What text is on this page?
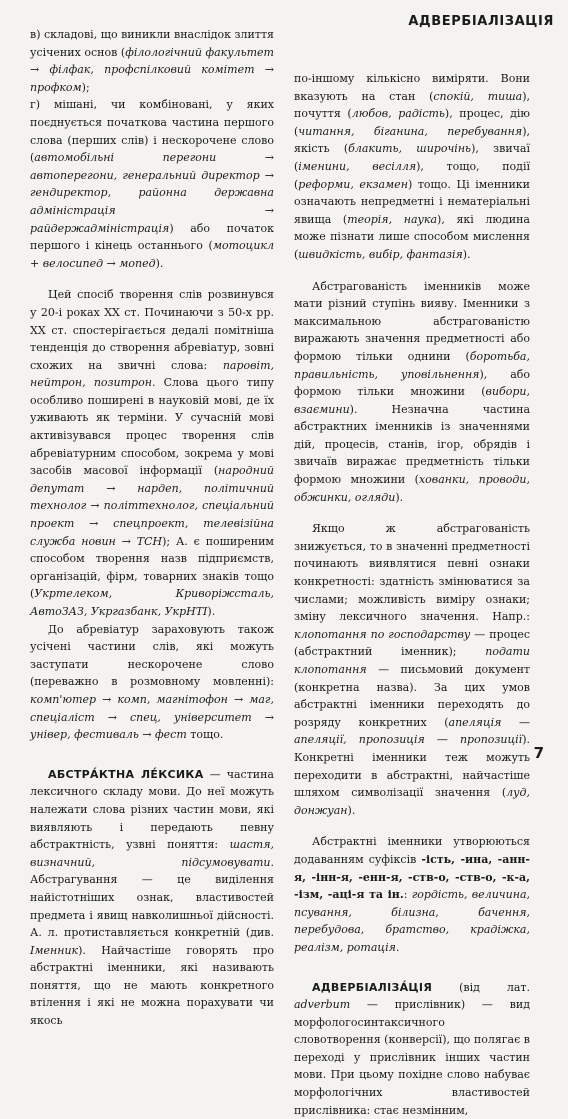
АДВЕРБІАЛІЗАЦІЯ

в) складові, що виникли внаслідок злиття усічених основ (філологічний факультет → філфак, профспілковий комітет → профком);

г) мішані, чи комбіновані, у яких поєднується початкова частина першого слова (перших слів) і нескорочене слово (автомобільні перегони → автоперегони, генеральний директор → гендиректор, районна державна адміністрація → райдержадміністрація) або початок першого і кінець останнього (мотоцикл + велосипед → мопед).

Цей спосіб творення слів розвинувся у 20-і роках XX ст. Починаючи з 50-х рр. XX ст. спостерігається дедалі помітніша тенденція до створення абревіатур, зовні схожих на звичні слова: паровіт, нейтрон, позитрон. Слова цього типу особливо поширені в науковій мові, де їх уживають як терміни. У сучасній мові активізувався процес творення слів абревіатурним способом, зокрема у мові засобів масової інформації (народний депутат → нардеп, політичний технолог → політтехнолог, спеціальний проект → спецпроект, телевізійна служба новин → ТСН); А. є поширеним способом творення назв підприємств, організацій, фірм, товарних знаків тощо (Укртелеком, Криворіжсталь, АвтоЗАЗ, Укргазбанк, УкрНТІ).

До абревіатур зараховують також усічені частини слів, які можуть заступати нескорочене слово (переважно в розмовному мовленні): комп'ютер → комп, магнітофон → маг, спеціаліст → спец, університет → універ, фестиваль → фест тощо.

АБСТРА́КТНА ЛЕ́КСИКА — частина лексичного складу мови. До неї можуть належати слова різних частин мови, які виявляють і передають певну абстрактність, узвні поняття: шастя, визначний, підсумовувати. Абстрагування — це виділення найістотніших ознак, властивостей предмета і явищ навколишньої дійсності. А. л. протиставляється конкретній (див. Іменник). Найчастіше говорять про абстрактні іменники, які називають поняття, що не мають конкретного втілення і які не можна порахувати чи якось

по-іншому кількісно виміряти. Вони вказують на стан (спокій, тиша), почуття (любов, радість), процес, дію (читання, біганина, перебування), якість (блакить, широчінь), звичаї (іменини, весілля), тощо, події (реформи, екзамен) тощо. Ці іменники означають непредметні і нематеріальні явища (теорія, наука), які людина може пізнати лише способом мислення (швидкість, вибір, фантазія).

Абстрагованість іменників може мати різний ступінь вияву. Іменники з максимальною абстрагованістю виражають значення предметності або формою тільки однини (боротьба, правильність, уповільнення), або формою тільки множини (вибори, взаємини). Незначна частина абстрактних іменників із значеннями дій, процесів, станів, ігор, обрядів і звичаїв виражає предметність тільки формою множини (хованки, проводи, обжинки, огляди).

Якщо ж абстрагованість знижується, то в значенні предметності починають виявлятися певні ознаки конкретності: здатність змінюватися за числами; можливість виміру ознаки; зміну лексичного значення. Напр.: клопотання по господарству — процес (абстрактний іменник); подати клопотання — письмовий документ (конкретна назва). За цих умов абстрактні іменники переходять до розряду конкретних (апеляція — апеляції, пропозиція — пропозиції). Конкретні іменники теж можуть переходити в абстрактні, найчастіше шляхом символізації значення (луд, донжуан).

Абстрактні іменники утворюються додаванням суфіксів -ість, -ина, -анн-я, -інн-я, -енн-я, -ств-о, -ств-о, -к-а, -ізм, -аці-я та ін.: гордість, величина, псування, білизна, бачення, перебудова, братство, крадіжка, реалізм, ротація.

АДВЕРБІАЛІЗА́ЦІЯ (від лат. adverbum — прислівник) — вид морфологосинтаксичного словотворення (конверсії), що полягає в переході у прислівник інших частин мови. При цьому похідне слово набуває морфологічних властивостей прислівника: стає незмінним,

7
